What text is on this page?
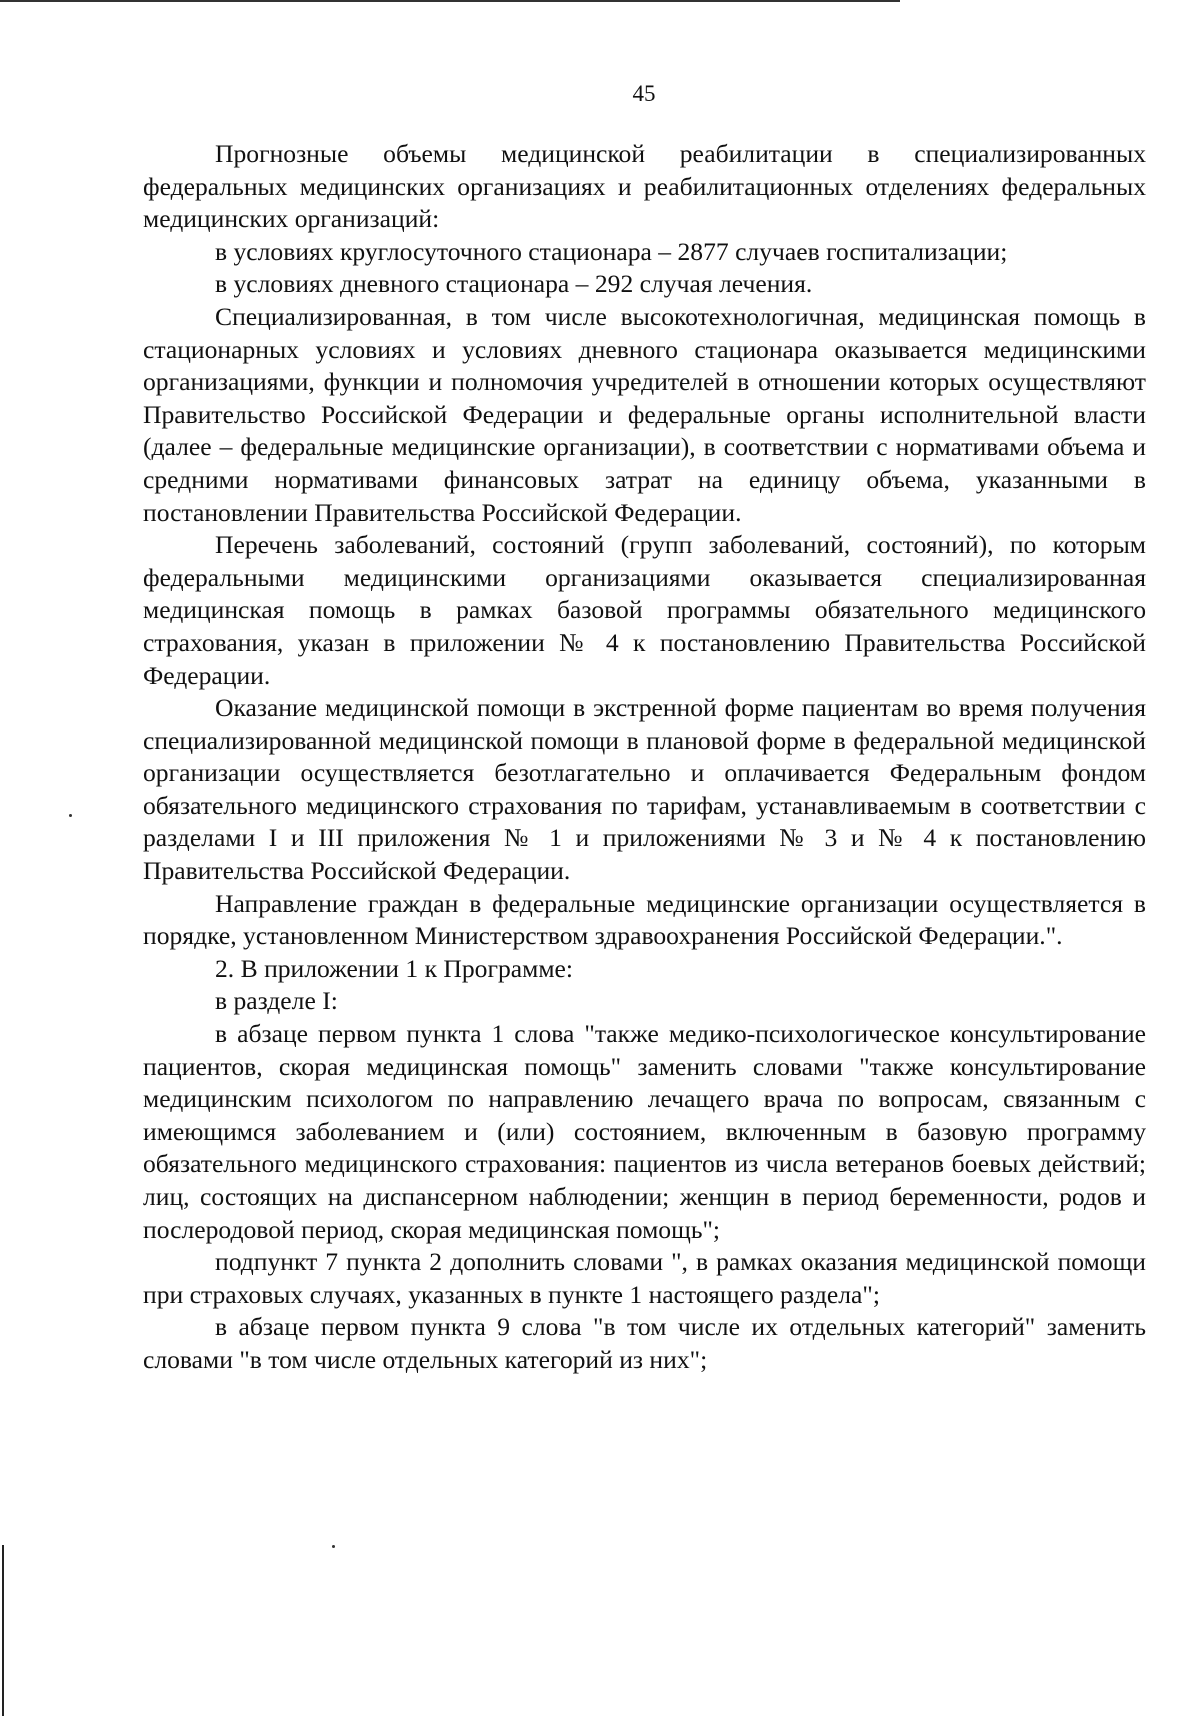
45

Прогнозные объемы медицинской реабилитации в специализированных федеральных медицинских организациях и реабилитационных отделениях федеральных медицинских организаций:

в условиях круглосуточного стационара – 2877 случаев госпитализации;

в условиях дневного стационара – 292 случая лечения.

Специализированная, в том числе высокотехнологичная, медицинская помощь в стационарных условиях и условиях дневного стационара оказывается медицинскими организациями, функции и полномочия учредителей в отношении которых осуществляют Правительство Российской Федерации и федеральные органы исполнительной власти (далее – федеральные медицинские организации), в соответствии с нормативами объема и средними нормативами финансовых затрат на единицу объема, указанными в постановлении Правительства Российской Федерации.

Перечень заболеваний, состояний (групп заболеваний, состояний), по которым федеральными медицинскими организациями оказывается специализированная медицинская помощь в рамках базовой программы обязательного медицинского страхования, указан в приложении № 4 к постановлению Правительства Российской Федерации.

Оказание медицинской помощи в экстренной форме пациентам во время получения специализированной медицинской помощи в плановой форме в федеральной медицинской организации осуществляется безотлагательно и оплачивается Федеральным фондом обязательного медицинского страхования по тарифам, устанавливаемым в соответствии с разделами I и III приложения № 1 и приложениями № 3 и № 4 к постановлению Правительства Российской Федерации.

Направление граждан в федеральные медицинские организации осуществляется в порядке, установленном Министерством здравоохранения Российской Федерации.".

2. В приложении 1 к Программе:

в разделе I:

в абзаце первом пункта 1 слова "также медико-психологическое консультирование пациентов, скорая медицинская помощь" заменить словами "также консультирование медицинским психологом по направлению лечащего врача по вопросам, связанным с имеющимся заболеванием и (или) состоянием, включенным в базовую программу обязательного медицинского страхования: пациентов из числа ветеранов боевых действий; лиц, состоящих на диспансерном наблюдении; женщин в период беременности, родов и послеродовой период, скорая медицинская помощь";

подпункт 7 пункта 2 дополнить словами ", в рамках оказания медицинской помощи при страховых случаях, указанных в пункте 1 настоящего раздела";

в абзаце первом пункта 9 слова "в том числе их отдельных категорий" заменить словами "в том числе отдельных категорий из них";
